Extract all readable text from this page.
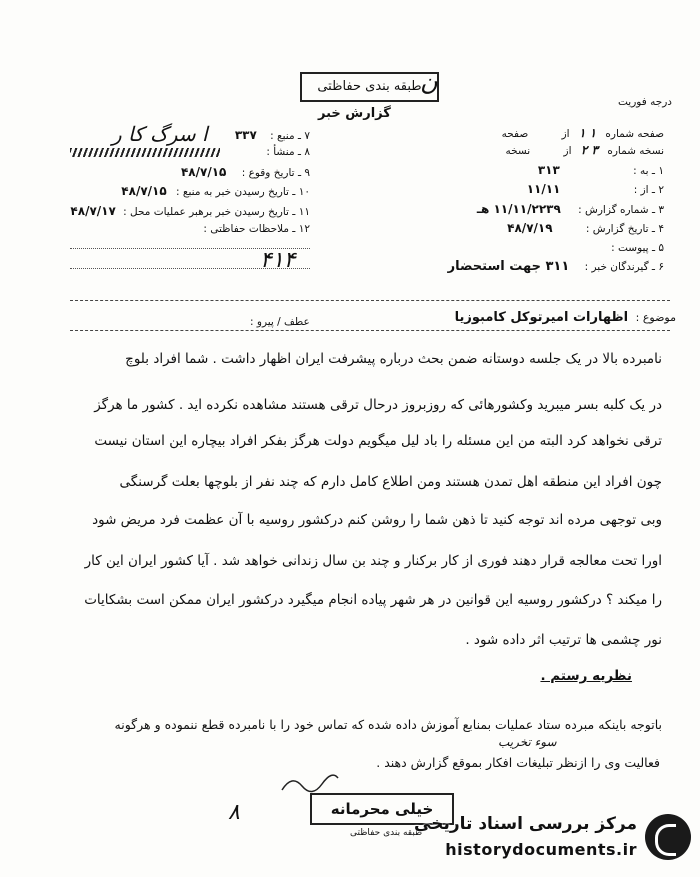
طبقه بندی حفاظتی
ن
گزارش خبر
درجه فوریت
صفحه شماره ۱ ۱ از صفحه
نسخه شماره ۳ ۲ از نسخه
۱ ـ به : ۳۱۳
۲ ـ از : ۱۱/۱۱
۳ ـ شماره گزارش : ۱۱/۱۱/۲۲۳۹ هـ
۴ ـ تاریخ گزارش : ۴۸/۷/۱۹
۵ ـ پیوست :
۶ ـ گیرندگان خبر : ۳۱۱ جهت استحضار
۷ ـ منبع : ۳۳۷
۸ ـ منشأ :
۹ ـ تاریخ وقوع : ۴۸/۷/۱۵
۱۰ ـ تاریخ رسیدن خبر به منبع : ۴۸/۷/۱۵
۱۱ ـ تاریخ رسیدن خبر برهبر عملیات محل : ۴۸/۷/۱۷
۱۲ ـ ملاحظات حفاظتی :
ا سرگ کا ر
۴۱۴
موضوع : اظهارات امیرتوکل کامبوزیا
عطف / پیرو :
نامبرده بالا در یک جلسه دوستانه ضمن بحث درباره پیشرفت ایران اظهار داشت . شما افراد بلوچ
در یک کلبه بسر میبرید وکشورهائی که روزبروز درحال ترقی هستند مشاهده نکرده اید . کشور ما هرگز
ترقی نخواهد کرد البته من این مسئله را باد لیل میگویم دولت هرگز بفکر افراد بیچاره این استان نیست
چون افراد این منطقه اهل تمدن هستند ومن اطلاع کامل دارم که چند نفر از بلوچها بعلت گرسنگی
وبی توجهی مرده اند توجه کنید تا ذهن شما را روشن کنم درکشور روسیه با آن عظمت فرد مریض شود
اورا تحت معالجه قرار دهند فوری از کار برکنار و چند بن سال زندانی خواهد شد . آیا کشور ایران این کار
را میکند ؟ درکشور روسیه این قوانین در هر شهر پیاده انجام میگیرد درکشور ایران ممکن است بشکایات
نور چشمی ها ترتیب اثر داده شود .
نظریه رستم .
باتوجه باینکه مبرده ستاد عملیات بمنابع آموزش داده شده که تماس خود را با نامبرده قطع ننموده و هرگونه
سوء تخریب
فعالیت وی را ازنظر تبلیغات افکار بموقع گزارش دهند .
خیلی محرمانه
طبقه بندی حفاظتی
۸	مرکز بررسی اسناد تاریخی
historydocuments.ir
